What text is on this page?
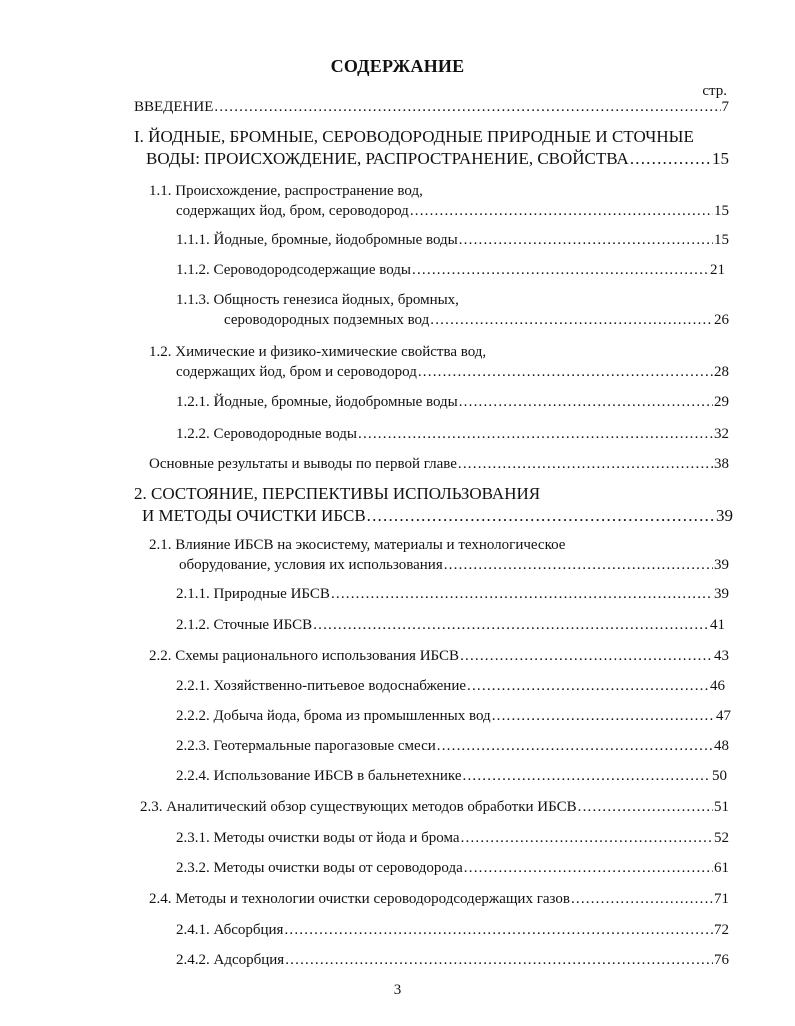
СОДЕРЖАНИЕ
стр.
ВВЕДЕНИЕ .....	7
I. ЙОДНЫЕ, БРОМНЫЕ, СЕРОВОДОРОДНЫЕ ПРИРОДНЫЕ И СТОЧНЫЕ
ВОДЫ: ПРОИСХОЖДЕНИЕ, РАСПРОСТРАНЕНИЕ, СВОЙСТВА .....	15
1.1. Происхождение, распространение вод,
содержащих йод, бром, сероводород .....	15
1.1.1. Йодные, бромные, йодобромные воды .....	15
1.1.2. Сероводородсодержащие воды .....	21
1.1.3. Общность генезиса йодных, бромных,
сероводородных подземных вод .....	26
1.2. Химические и физико-химические свойства вод,
содержащих йод, бром и сероводород .....	28
1.2.1. Йодные, бромные, йодобромные воды .....	29
1.2.2. Сероводородные воды .....	32
Основные результаты и выводы по первой главе .....	38
2. СОСТОЯНИЕ, ПЕРСПЕКТИВЫ ИСПОЛЬЗОВАНИЯ
И МЕТОДЫ ОЧИСТКИ ИБСВ .....	39
2.1. Влияние ИБСВ на экосистему, материалы и технологическое
оборудование, условия их использования .....	39
2.1.1. Природные ИБСВ .....	39
2.1.2. Сточные ИБСВ .....	41
2.2. Схемы рационального использования ИБСВ .....	43
2.2.1. Хозяйственно-питьевое водоснабжение .....	46
2.2.2. Добыча йода, брома из промышленных вод .....	47
2.2.3. Геотермальные парогазовые смеси .....	48
2.2.4. Использование ИБСВ в бальнетехнике .....	50
2.3. Аналитический обзор существующих методов обработки ИБСВ .....	51
2.3.1. Методы очистки воды от йода и брома .....	52
2.3.2. Методы очистки воды от сероводорода .....	61
2.4. Методы и технологии очистки сероводородсодержащих газов .....	71
2.4.1. Абсорбция .....	72
2.4.2. Адсорбция .....	76
3
